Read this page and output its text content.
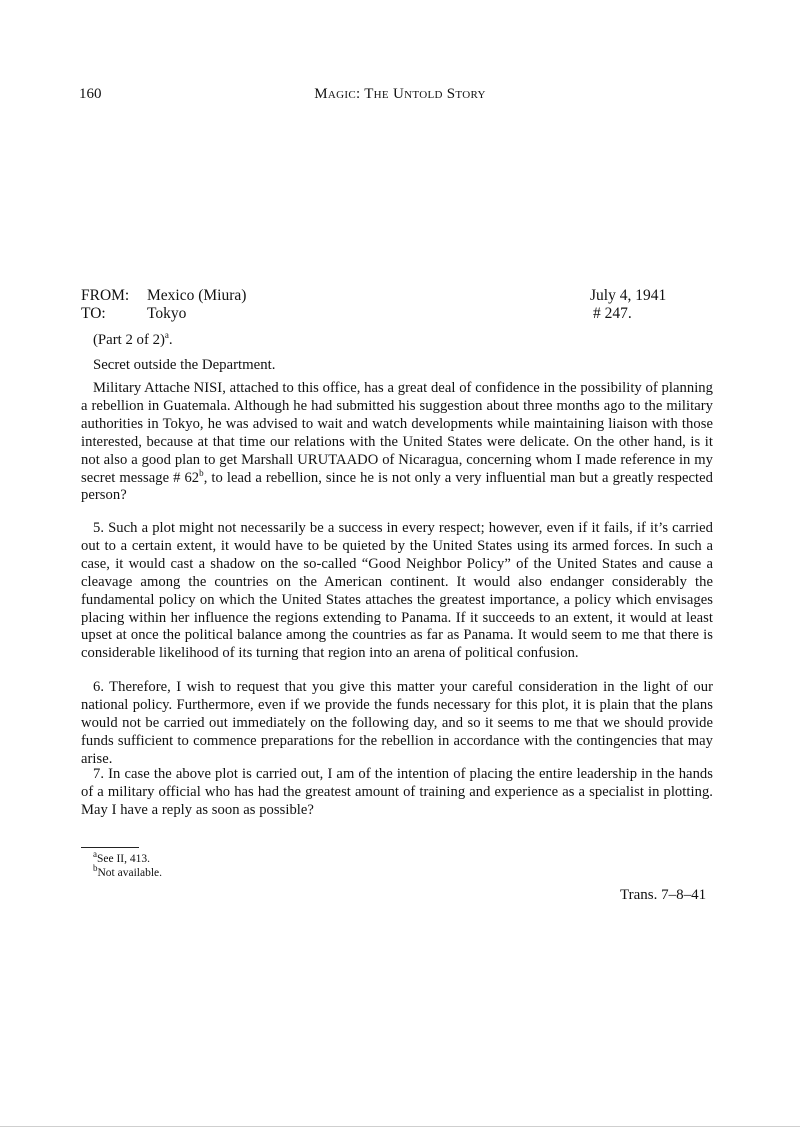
160	Magic: The Untold Story
FROM: Mexico (Miura)
TO:	Tokyo
July 4, 1941
# 247.
(Part 2 of 2)$^a$.
Secret outside the Department.

Military Attache NISI, attached to this office, has a great deal of confidence in the possibility of planning a rebellion in Guatemala. Although he had submitted his suggestion about three months ago to the military authorities in Tokyo, he was advised to wait and watch developments while maintaining liaison with those interested, because at that time our relations with the United States were delicate. On the other hand, is it not also a good plan to get Marshall URUTAADO of Nicaragua, concerning whom I made reference in my secret message # 62$^b$, to lead a rebellion, since he is not only a very influential man but a greatly respected person?

5. Such a plot might not necessarily be a success in every respect; however, even if it fails, if it’s carried out to a certain extent, it would have to be quieted by the United States using its armed forces. In such a case, it would cast a shadow on the so-called “Good Neighbor Policy” of the United States and cause a cleavage among the countries on the American continent. It would also endanger considerably the fundamental policy on which the United States attaches the greatest importance, a policy which envisages placing within her influence the regions extending to Panama. If it succeeds to an extent, it would at least upset at once the political balance among the countries as far as Panama. It would seem to me that there is considerable likelihood of its turning that region into an arena of political confusion.

6. Therefore, I wish to request that you give this matter your careful consideration in the light of our national policy. Furthermore, even if we provide the funds necessary for this plot, it is plain that the plans would not be carried out immediately on the following day, and so it seems to me that we should provide funds sufficient to commence preparations for the rebellion in accordance with the contingencies that may arise.

7. In case the above plot is carried out, I am of the intention of placing the entire leadership in the hands of a military official who has had the greatest amount of training and experience as a specialist in plotting. May I have a reply as soon as possible?

$^a$See II, 413.
$^b$Not available.
Trans. 7–8–41
